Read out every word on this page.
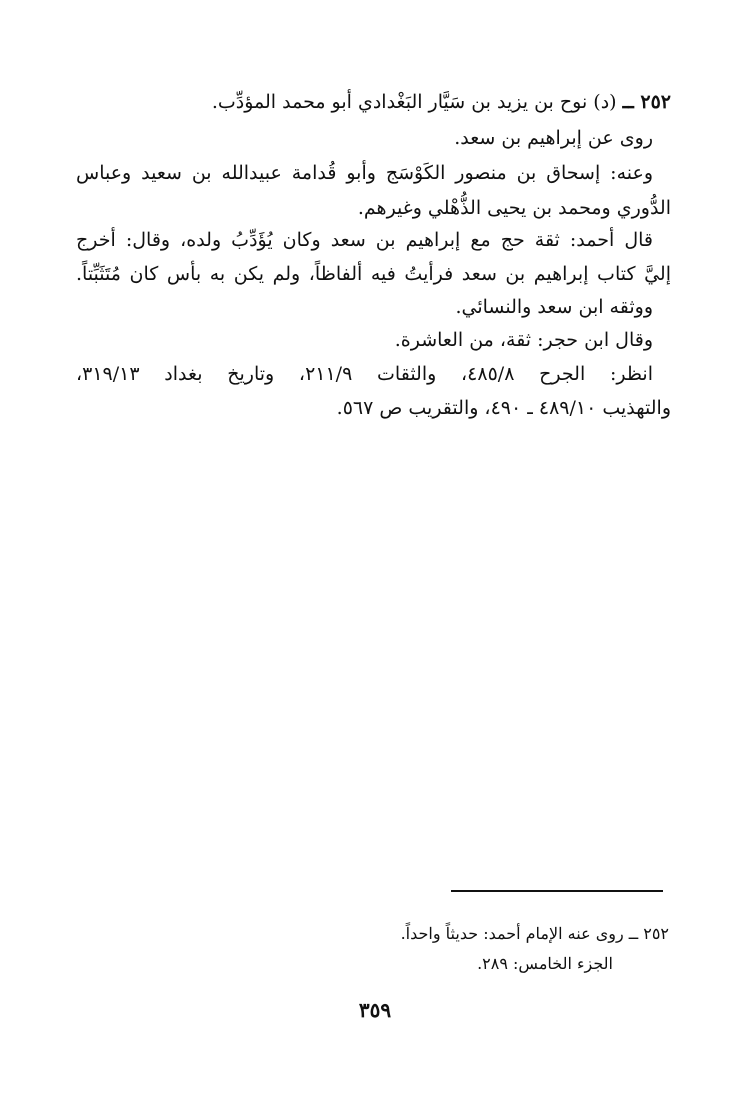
٢٥٢ ــ (د) نوح بن يزيد بن سَيَّار البَغْدادي أبو محمد المؤدِّب.
روى عن إبراهيم بن سعد.
وعنه: إسحاق بن منصور الكَوْسَج وأبو قُدامة عبيدالله بن سعيد وعباس
الدُّوري ومحمد بن يحيى الذُّهْلي وغيرهم.
قال أحمد: ثقة حج مع إبراهيم بن سعد وكان يُؤَدِّبُ ولده، وقال: أخرج
إليَّ كتاب إبراهيم بن سعد فرأيتُ فيه ألفاظاً، ولم يكن به بأس كان مُتَثَبِّتاً.
ووثقه ابن سعد والنسائي.
وقال ابن حجر: ثقة، من العاشرة.
انظر: الجرح ٤٨٥/٨، والثقات ٢١١/٩، وتاريخ بغداد ٣١٩/١٣،
والتهذيب ٤٨٩/١٠ ـ ٤٩٠، والتقريب ص ٥٦٧.
٢٥٢ ــ روى عنه الإمام أحمد: حديثاً واحداً.
الجزء الخامس: ٢٨٩.
٣٥٩
